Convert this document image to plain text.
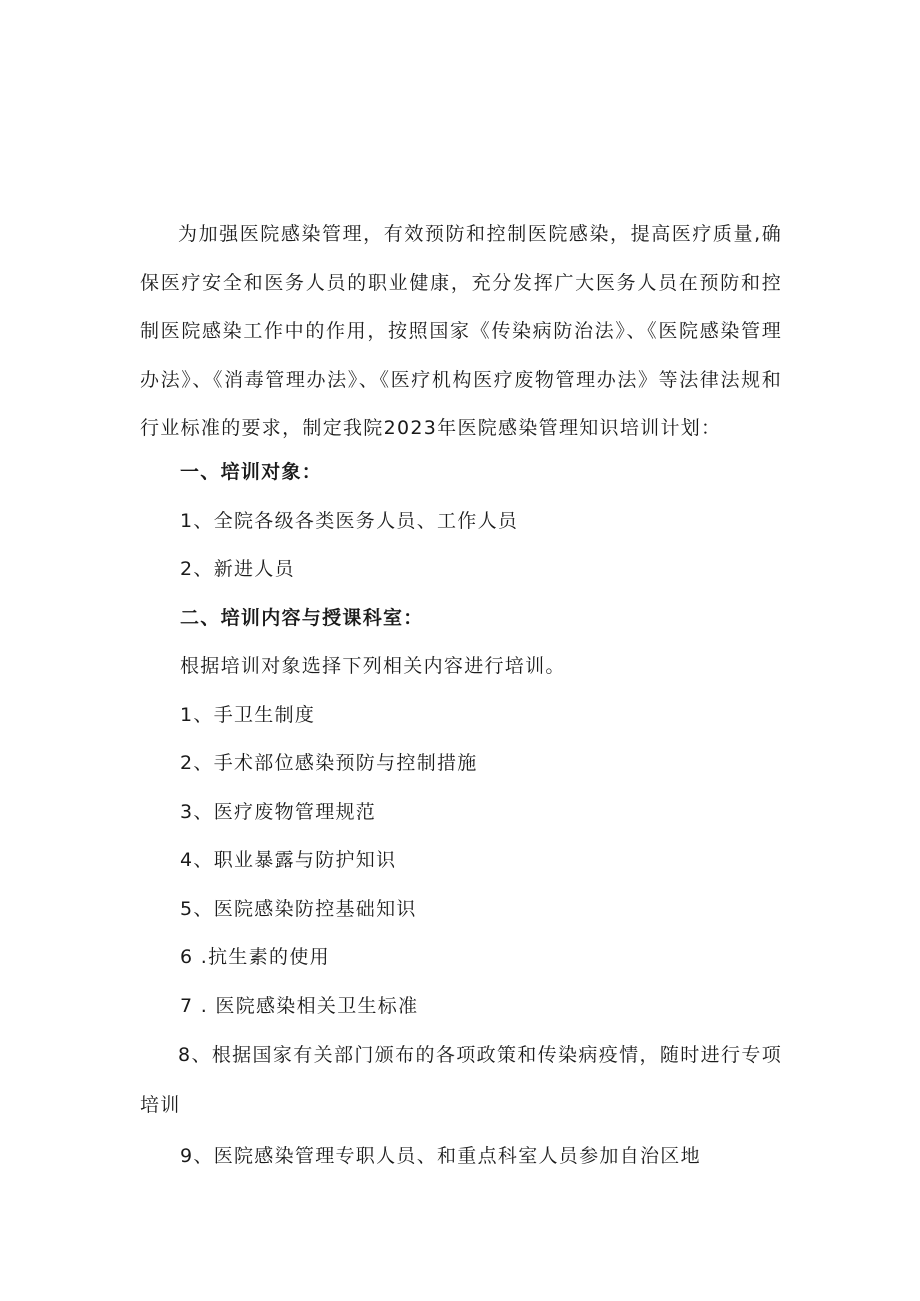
为加强医院感染管理，有效预防和控制医院感染，提高医疗质量,确保医疗安全和医务人员的职业健康，充分发挥广大医务人员在预防和控制医院感染工作中的作用，按照国家《传染病防治法》、《医院感染管理办法》、《消毒管理办法》、《医疗机构医疗废物管理办法》等法律法规和行业标准的要求，制定我院2023年医院感染管理知识培训计划：

一、培训对象：

1、全院各级各类医务人员、工作人员

2、新进人员

二、培训内容与授课科室：

根据培训对象选择下列相关内容进行培训。

1、手卫生制度

2、手术部位感染预防与控制措施

3、医疗废物管理规范

4、职业暴露与防护知识

5、医院感染防控基础知识

6 .抗生素的使用

7 . 医院感染相关卫生标准

8、根据国家有关部门颁布的各项政策和传染病疫情，随时进行专项培训

9、医院感染管理专职人员、和重点科室人员参加自治区地
